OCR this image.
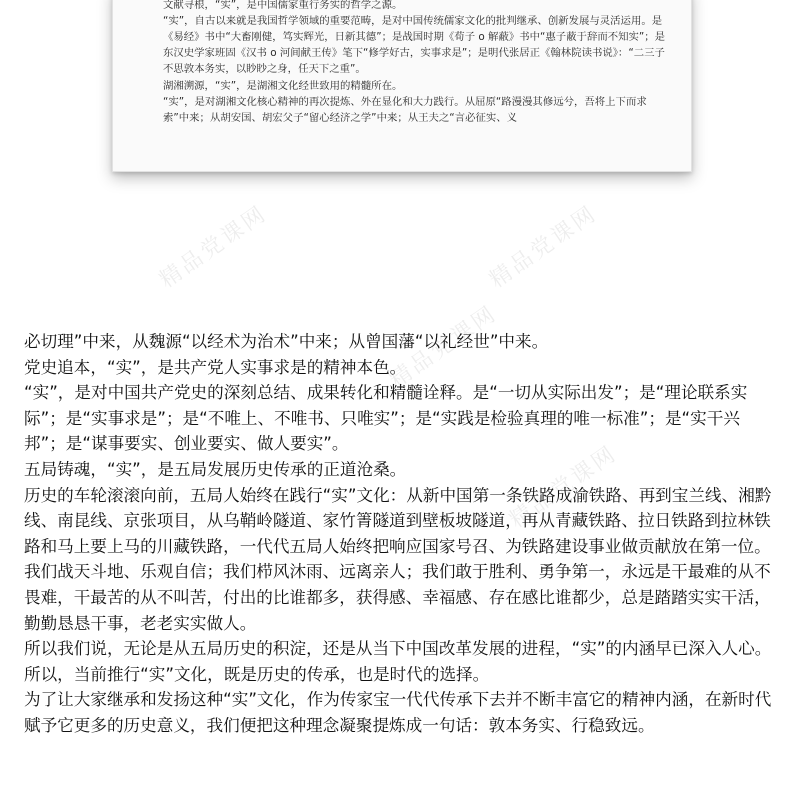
文献寻根，“实”，是中国儒家重行务实的哲学之源。

“实”，自古以来就是我国哲学领域的重要范畴，是对中国传统儒家文化的批判继承、创新发展与灵活运用。是《易经》书中“大畜刚健，笃实辉光，日新其德”；是战国时期《荀子 o 解蔽》书中“惠子蔽于辞而不知实”；是东汉史学家班固《汉书 o 河间献王传》笔下“修学好古，实事求是”；是明代张居正《翰林院读书说》：“二三子不思敦本务实，以眇眇之身，任天下之重”。

湖湘溯源，“实”，是湖湘文化经世致用的精髓所在。

“实”，是对湖湘文化核心精神的再次提炼、外在显化和大力践行。从屈原“路漫漫其修远兮，吾将上下而求索”中来；从胡安国、胡宏父子“留心经济之学”中来；从王夫之“言必征实、义

精品党课网	精品党课网
精品党课网
精品党课网

必切理”中来，从魏源“以经术为治术”中来；从曾国藩“以礼经世”中来。

党史追本，“实”，是共产党人实事求是的精神本色。

“实”，是对中国共产党史的深刻总结、成果转化和精髓诠释。是“一切从实际出发”；是“理论联系实际”；是“实事求是”；是“不唯上、不唯书、只唯实”；是“实践是检验真理的唯一标准”；是“实干兴邦”；是“谋事要实、创业要实、做人要实”。

五局铸魂，“实”，是五局发展历史传承的正道沧桑。

历史的车轮滚滚向前，五局人始终在践行“实”文化：从新中国第一条铁路成渝铁路、再到宝兰线、湘黔线、南昆线、京张项目，从乌鞘岭隧道、家竹箐隧道到壁板坡隧道，再从青藏铁路、拉日铁路到拉林铁路和马上要上马的川藏铁路，一代代五局人始终把响应国家号召、为铁路建设事业做贡献放在第一位。我们战天斗地、乐观自信；我们栉风沐雨、远离亲人；我们敢于胜利、勇争第一，永远是干最难的从不畏难，干最苦的从不叫苦，付出的比谁都多，获得感、幸福感、存在感比谁都少，总是踏踏实实干活，勤勤恳恳干事，老老实实做人。

所以我们说，无论是从五局历史的积淀，还是从当下中国改革发展的进程，“实”的内涵早已深入人心。所以，当前推行“实”文化，既是历史的传承，也是时代的选择。

为了让大家继承和发扬这种“实”文化，作为传家宝一代代传承下去并不断丰富它的精神内涵，在新时代赋予它更多的历史意义，我们便把这种理念凝聚提炼成一句话：敦本务实、行稳致远。
